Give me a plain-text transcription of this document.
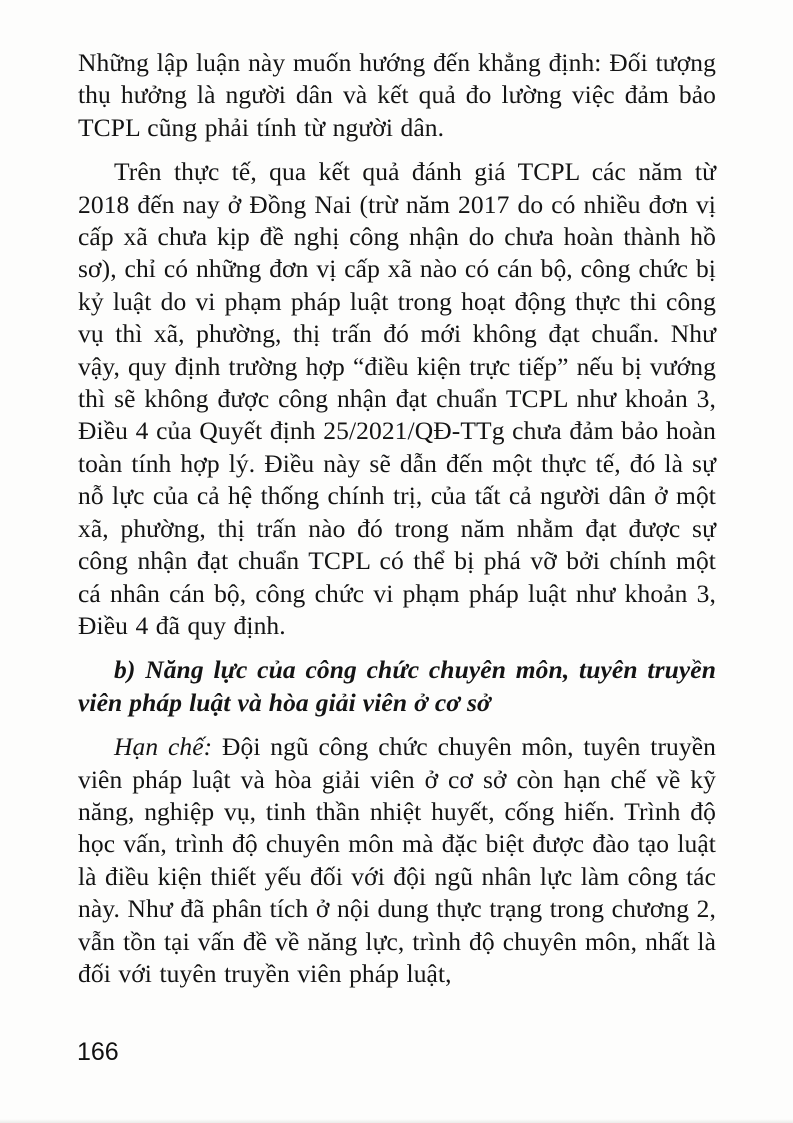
Những lập luận này muốn hướng đến khẳng định: Đối tượng thụ hưởng là người dân và kết quả đo lường việc đảm bảo TCPL cũng phải tính từ người dân.

Trên thực tế, qua kết quả đánh giá TCPL các năm từ 2018 đến nay ở Đồng Nai (trừ năm 2017 do có nhiều đơn vị cấp xã chưa kịp đề nghị công nhận do chưa hoàn thành hồ sơ), chỉ có những đơn vị cấp xã nào có cán bộ, công chức bị kỷ luật do vi phạm pháp luật trong hoạt động thực thi công vụ thì xã, phường, thị trấn đó mới không đạt chuẩn. Như vậy, quy định trường hợp “điều kiện trực tiếp” nếu bị vướng thì sẽ không được công nhận đạt chuẩn TCPL như khoản 3, Điều 4 của Quyết định 25/2021/QĐ-TTg chưa đảm bảo hoàn toàn tính hợp lý. Điều này sẽ dẫn đến một thực tế, đó là sự nỗ lực của cả hệ thống chính trị, của tất cả người dân ở một xã, phường, thị trấn nào đó trong năm nhằm đạt được sự công nhận đạt chuẩn TCPL có thể bị phá vỡ bởi chính một cá nhân cán bộ, công chức vi phạm pháp luật như khoản 3, Điều 4 đã quy định.

b) Năng lực của công chức chuyên môn, tuyên truyền viên pháp luật và hòa giải viên ở cơ sở

Hạn chế: Đội ngũ công chức chuyên môn, tuyên truyền viên pháp luật và hòa giải viên ở cơ sở còn hạn chế về kỹ năng, nghiệp vụ, tinh thần nhiệt huyết, cống hiến. Trình độ học vấn, trình độ chuyên môn mà đặc biệt được đào tạo luật là điều kiện thiết yếu đối với đội ngũ nhân lực làm công tác này. Như đã phân tích ở nội dung thực trạng trong chương 2, vẫn tồn tại vấn đề về năng lực, trình độ chuyên môn, nhất là đối với tuyên truyền viên pháp luật,

166
